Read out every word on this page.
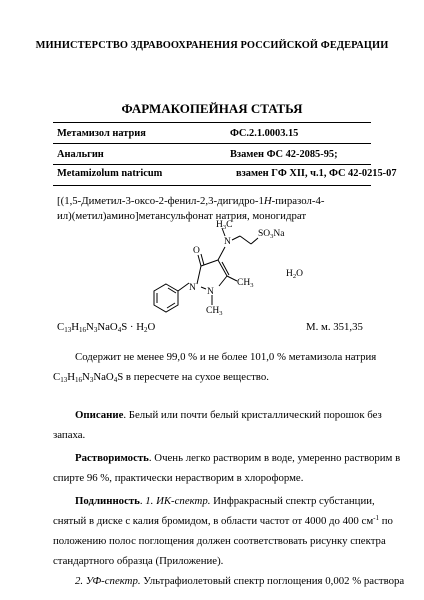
МИНИСТЕРСТВО ЗДРАВООХРАНЕНИЯ РОССИЙСКОЙ ФЕДЕРАЦИИ
ФАРМАКОПЕЙНАЯ СТАТЬЯ
Метамизол натрия	ФС.2.1.0003.15
Анальгин	Взамен ФС 42-2085-95;
Metamizolum natricum	взамен ГФ XII, ч.1, ФС 42-0215-07
[(1,5-Диметил-3-оксо-2-фенил-2,3-дигидро-1H-пиразол-4-
ил)(метил)амино]метансульфонат натрия, моногидрат
$H_3C$
N
$SO_3Na$
O
N N
$CH_3$
$CH_3$
$H_2O$
$C_{13}H_{16}N_3NaO_4S \cdot H_2O$	М. м. 351,35
Содержит не менее 99,0 % и не более 101,0 % метамизола натрия
$C_{13}H_{16}N_3NaO_4S$ в пересчете на сухое вещество.
Описание. Белый или почти белый кристаллический порошок без
запаха.
Растворимость. Очень легко растворим в воде, умеренно растворим в
спирте 96 %, практически нерастворим в хлороформе.
Подлинность. 1. ИК-спектр. Инфракрасный спектр субстанции,
снятый в диске с калия бромидом, в области частот от 4000 до 400 $см^{-1}$ по
положению полос поглощения должен соответствовать рисунку спектра
стандартного образца (Приложение).
2. УФ-спектр. Ультрафиолетовый спектр поглощения 0,002 % раствора
